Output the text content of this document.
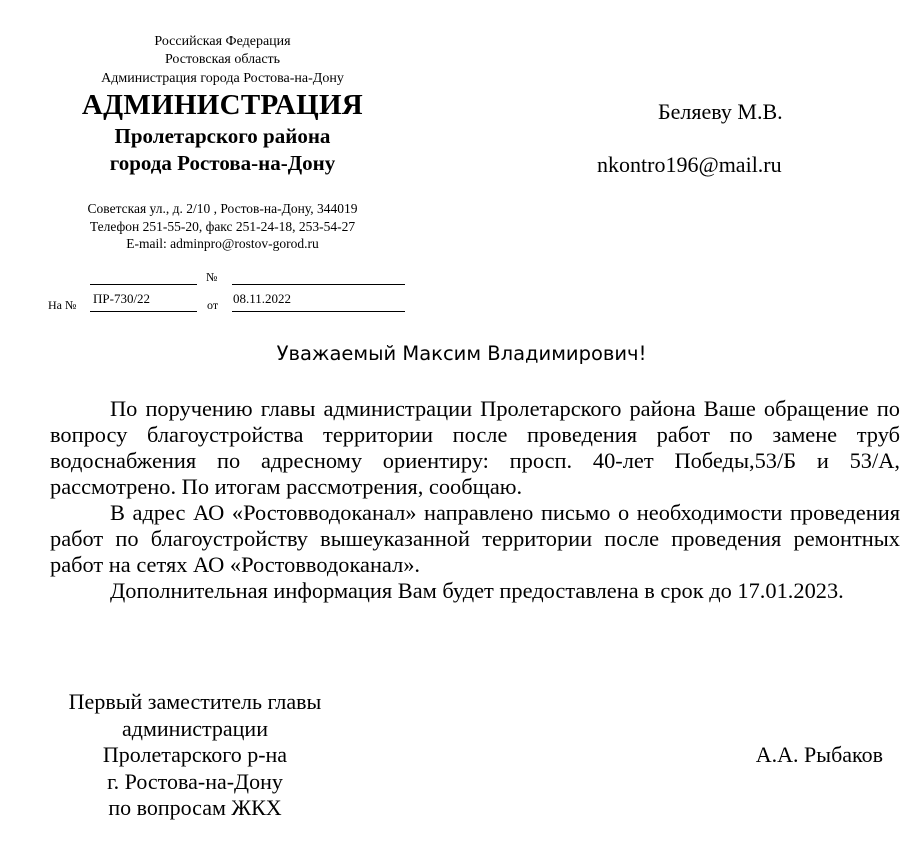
Российская Федерация
Ростовская область
Администрация города Ростова-на-Дону
АДМИНИСТРАЦИЯ
Пролетарского района
города Ростова-на-Дону
Советская ул., д. 2/10 , Ростов-на-Дону, 344019
Телефон 251-55-20, факс 251-24-18, 253-54-27
E-mail: adminpro@rostov-gorod.ru
№
На № ПР-730/22	от 08.11.2022
Беляеву М.В.
nkontro196@mail.ru
Уважаемый Максим Владимирович!

По поручению главы администрации Пролетарского района Ваше обращение по вопросу благоустройства территории после проведения работ по замене труб водоснабжения по адресному ориентиру: просп. 40-лет Победы,53/Б и 53/А, рассмотрено. По итогам рассмотрения, сообщаю.

В адрес АО «Ростовводоканал» направлено письмо о необходимости проведения работ по благоустройству вышеуказанной территории после проведения ремонтных работ на сетях АО «Ростовводоканал».

Дополнительная информация Вам будет предоставлена в срок до 17.01.2023.

Первый заместитель главы
администрации
Пролетарского р-на
г. Ростова-на-Дону
по вопросам ЖКХ
А.А. Рыбаков
